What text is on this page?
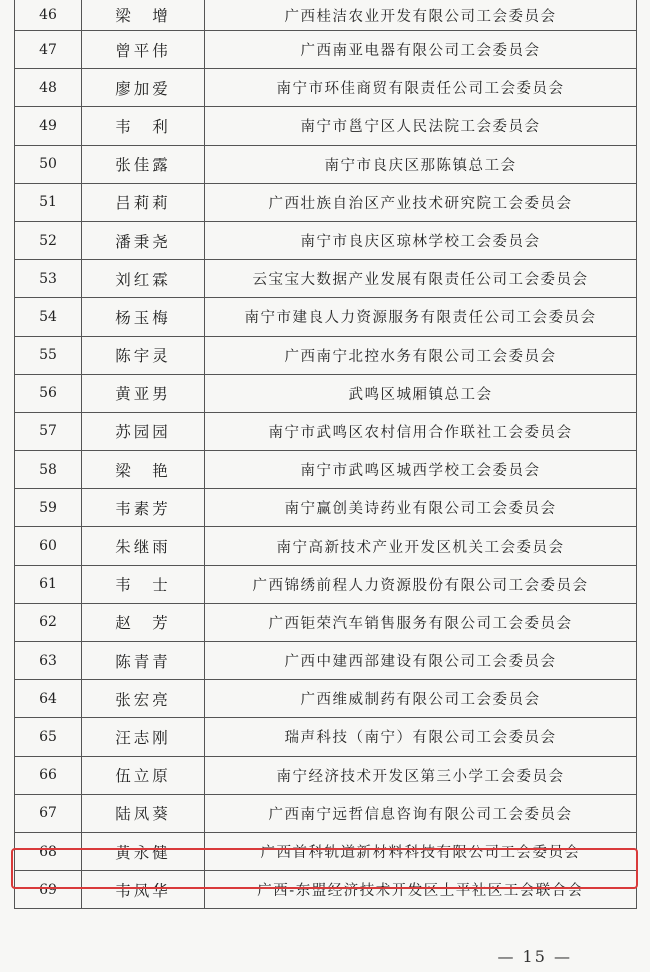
46	梁　增	广西桂洁农业开发有限公司工会委员会
47	曾平伟	广西南亚电器有限公司工会委员会
48	廖加爱	南宁市环佳商贸有限责任公司工会委员会
49	韦　利	南宁市邕宁区人民法院工会委员会
50	张佳露	南宁市良庆区那陈镇总工会
51	吕莉莉	广西壮族自治区产业技术研究院工会委员会
52	潘秉尧	南宁市良庆区琼林学校工会委员会
53	刘红霖	云宝宝大数据产业发展有限责任公司工会委员会
54	杨玉梅	南宁市建良人力资源服务有限责任公司工会委员会
55	陈宇灵	广西南宁北控水务有限公司工会委员会
56	黄亚男	武鸣区城厢镇总工会
57	苏园园	南宁市武鸣区农村信用合作联社工会委员会
58	梁　艳	南宁市武鸣区城西学校工会委员会
59	韦素芳	南宁赢创美诗药业有限公司工会委员会
60	朱继雨	南宁高新技术产业开发区机关工会委员会
61	韦　士	广西锦绣前程人力资源股份有限公司工会委员会
62	赵　芳	广西钜荣汽车销售服务有限公司工会委员会
63	陈青青	广西中建西部建设有限公司工会委员会
64	张宏亮	广西维威制药有限公司工会委员会
65	汪志刚	瑞声科技（南宁）有限公司工会委员会
66	伍立原	南宁经济技术开发区第三小学工会委员会
67	陆凤葵	广西南宁远哲信息咨询有限公司工会委员会
68	黄永健	广西首科轨道新材料科技有限公司工会委员会
69	韦凤华	广西-东盟经济技术开发区上平社区工会联合会
— 15 —
